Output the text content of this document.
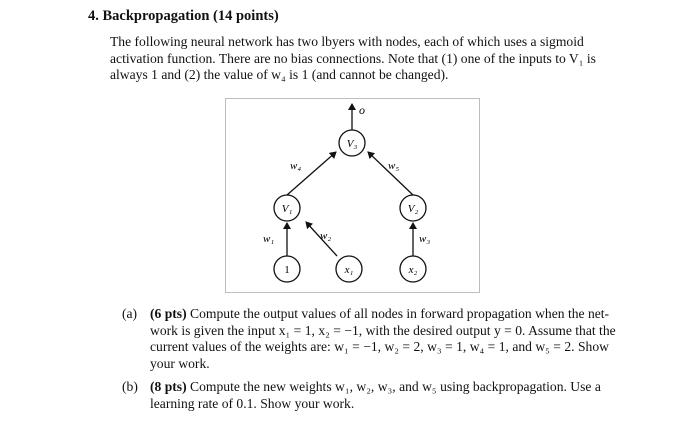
4. Backpropagation (14 points)
The following neural network has two lbyers with nodes, each of which uses a sigmoid
activation function. There are no bias connections. Note that (1) one of the inputs to V₁ is
always 1 and (2) the value of w₄ is 1 (and cannot be changed).
V₃
V₁	V₂
1	x₁	x₂
o
w₄	w₅
w₁	w₂	w₃
(a) (6 pts) Compute the output values of all nodes in forward propagation when the net-
work is given the input x₁ = 1, x₂ = −1, with the desired output y = 0. Assume that the
current values of the weights are: w₁ = −1, w₂ = 2, w₃ = 1, w₄ = 1, and w₅ = 2. Show
your work.
(b) (8 pts) Compute the new weights w₁, w₂, w₃, and w₅ using backpropagation. Use a
learning rate of 0.1. Show your work.
